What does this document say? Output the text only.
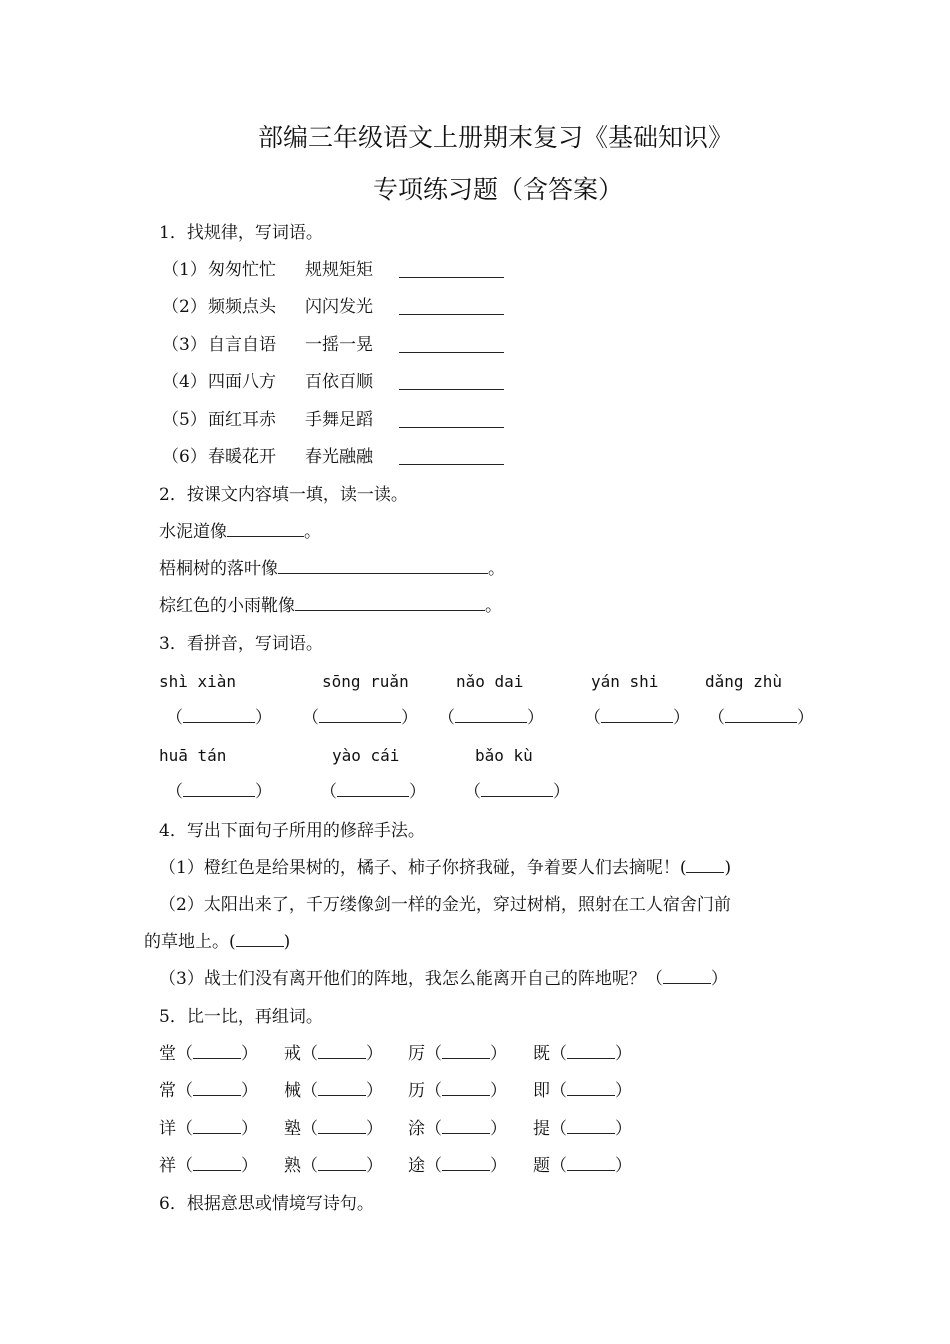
部编三年级语文上册期末复习《基础知识》
专项练习题（含答案）
1．找规律，写词语。
（1） 匆匆忙忙 规规矩矩
（2） 频频点头 闪闪发光
（3） 自言自语 一摇一晃
（4） 四面八方 百依百顺
（5） 面红耳赤 手舞足蹈
（6） 春暖花开 春光融融
2．按课文内容填一填，读一读。
水泥道像	。
梧桐树的落叶像	。
棕红色的小雨靴像	。
3．看拼音，写词语。
shì xiàn
（	）
sōng ruǎn
（	）
nǎo dai
（	）
yán shi
（	）
dǎng zhù
（	）
huā tán
（	）
yào cái
（	）
bǎo kù
（	）
4．写出下面句子所用的修辞手法。
（1）橙红色是给果树的，橘子、柿子你挤我碰，争着要人们去摘呢！( )
（2）太阳出来了，千万缕像剑一样的金光，穿过树梢，照射在工人宿舍门前
的草地上。(	)
（3）战士们没有离开他们的阵地，我怎么能离开自己的阵地呢？（	）
5．比一比，再组词。
堂（	） 戒（	） 厉（	） 既（	）
常（	） 械（	） 历（	） 即（	）
详（	） 塾（	） 涂（	） 提（	）
祥（	） 熟（	） 途（	） 题（	）
6．根据意思或情境写诗句。
